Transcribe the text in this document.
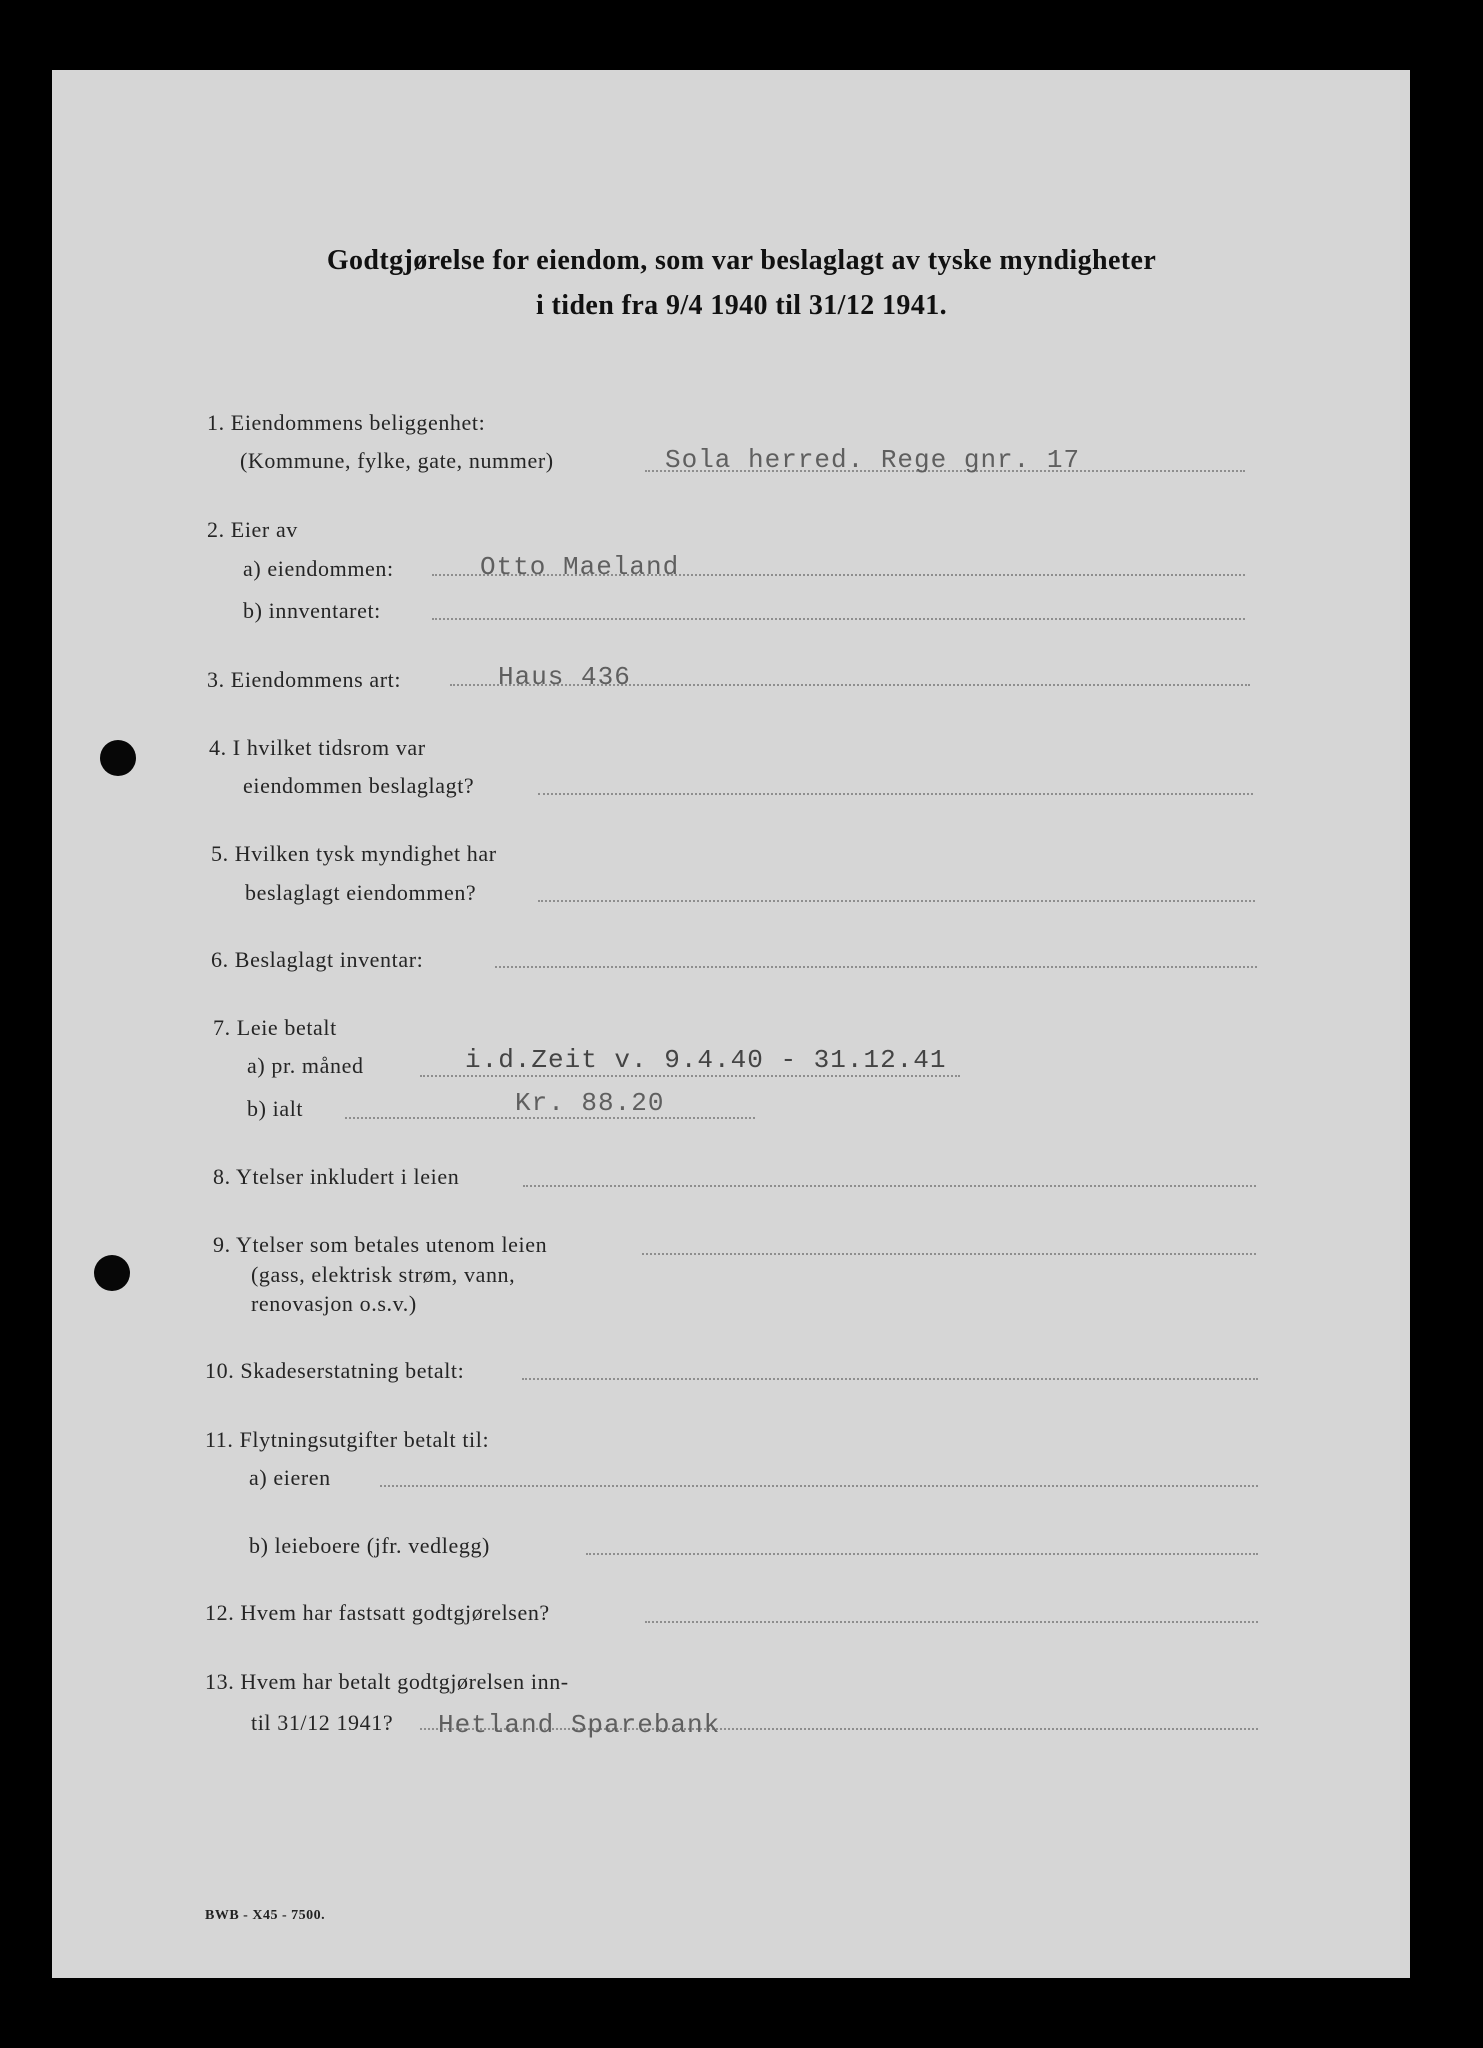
Godtgjørelse for eiendom, som var beslaglagt av tyske myndigheter
i tiden fra 9/4 1940 til 31/12 1941.
1. Eiendommens beliggenhet:
(Kommune, fylke, gate, nummer)	Sola herred. Rege gnr. 17
2. Eier av
a) eiendommen:	Otto Maeland
b) innventaret:
3. Eiendommens art:	Haus 436
4. I hvilket tidsrom var
eiendommen beslaglagt?
5. Hvilken tysk myndighet har
beslaglagt eiendommen?
6. Beslaglagt inventar:
7. Leie betalt
a) pr. måned	i.d.Zeit v. 9.4.40 - 31.12.41
b) ialt	Kr. 88.20
8. Ytelser inkludert i leien
9. Ytelser som betales utenom leien
(gass, elektrisk strøm, vann,
renovasjon o.s.v.)
10. Skadeserstatning betalt:
11. Flytningsutgifter betalt til:
a) eieren
b) leieboere (jfr. vedlegg)
12. Hvem har fastsatt godtgjørelsen?
13. Hvem har betalt godtgjørelsen inn-
til 31/12 1941? Hetland Sparebank
BWB - X45 - 7500.
